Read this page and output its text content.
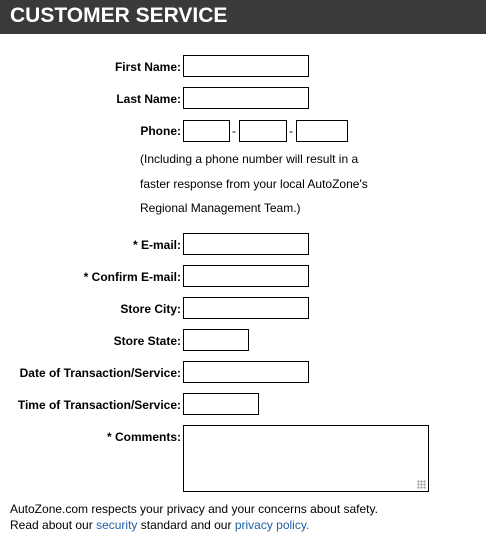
CUSTOMER SERVICE
First Name:
Last Name:
Phone:	-	-
(Including a phone number will result in a
faster response from your local AutoZone's
Regional Management Team.)
* E-mail:
* Confirm E-mail:
Store City:
Store State:
Date of Transaction/Service:
Time of Transaction/Service:
* Comments:
AutoZone.com respects your privacy and your concerns about safety.
Read about our security standard and our privacy policy.
